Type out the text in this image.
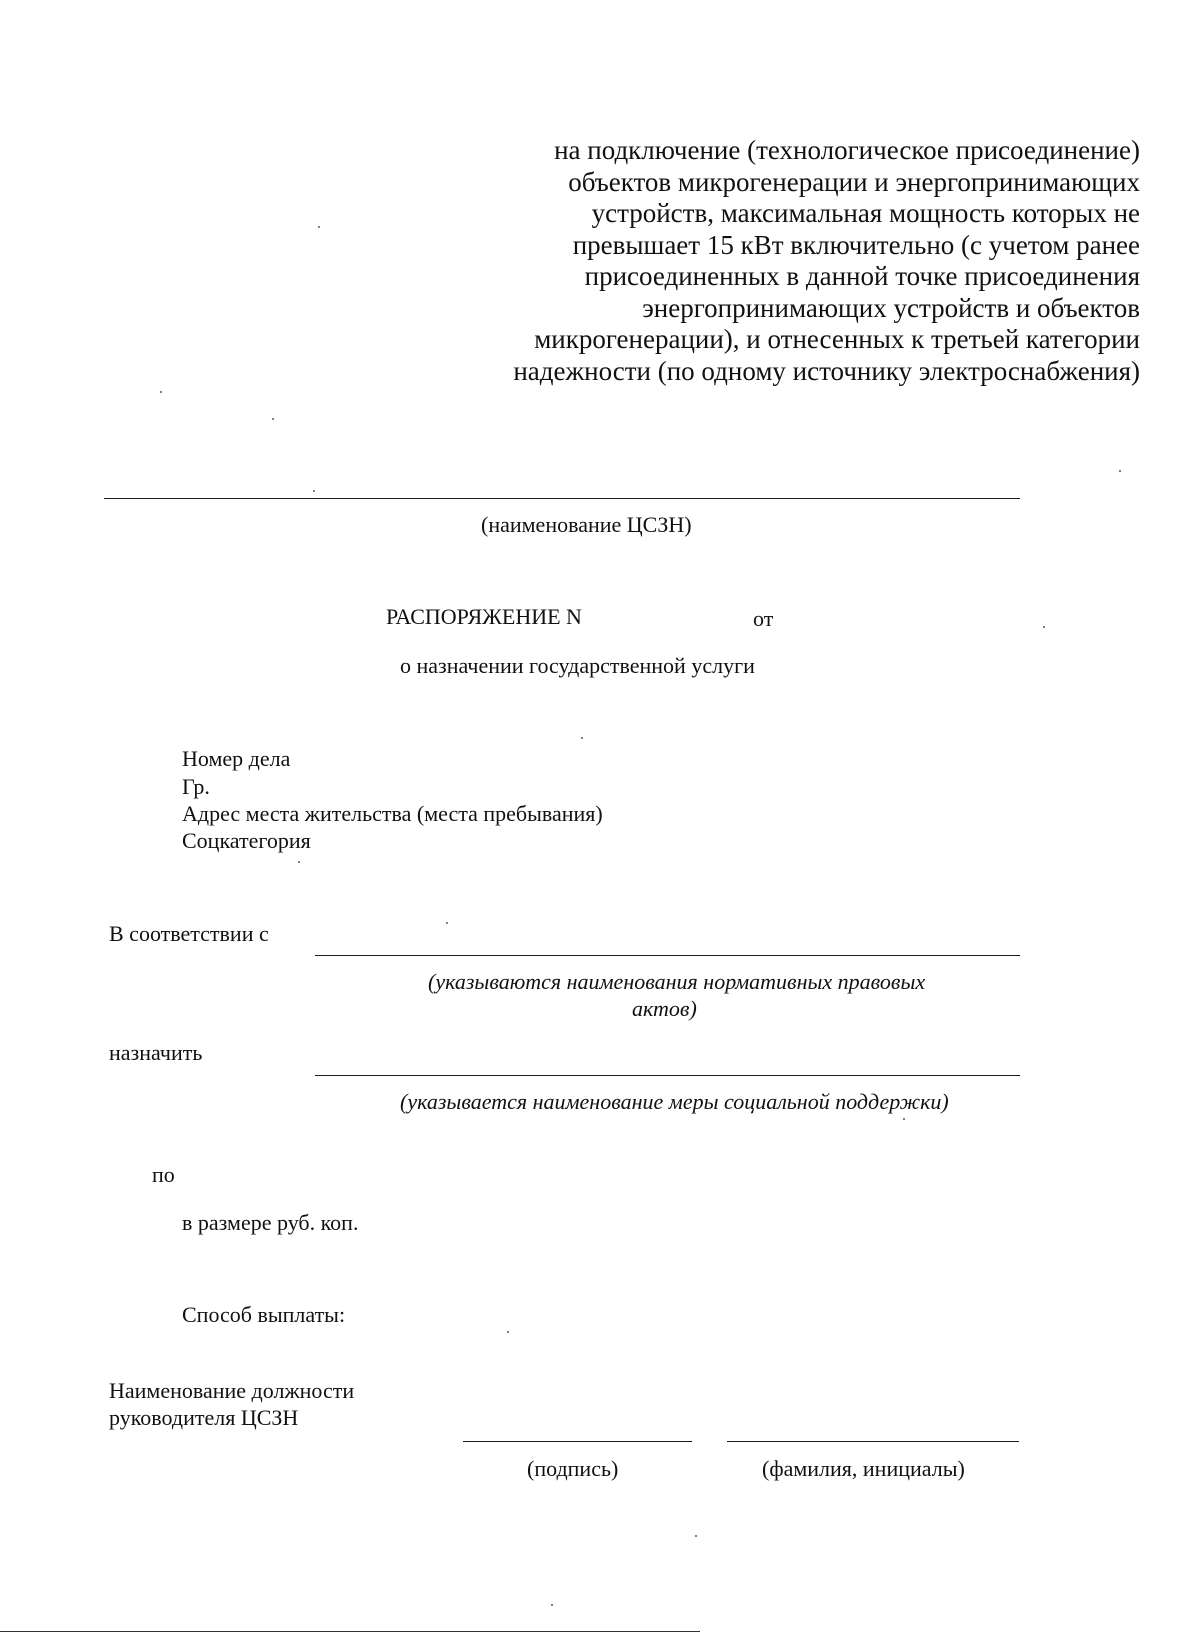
на подключение (технологическое присоединение)
объектов микрогенерации и энергопринимающих
устройств, максимальная мощность которых не
превышает 15 кВт включительно (с учетом ранее
присоединенных в данной точке присоединения
энергопринимающих устройств и объектов
микрогенерации), и отнесенных к третьей категории
надежности (по одному источнику электроснабжения)
(наименование ЦСЗН)
РАСПОРЯЖЕНИЕ N	от
о назначении государственной услуги
Номер дела
Гр.
Адрес места жительства (места пребывания)
Соцкатегория
В соответствии с
(указываются наименования нормативных правовых
актов)
назначить
(указывается наименование меры социальной поддержки)
по
в размере руб. коп.
Способ выплаты:
Наименование должности
руководителя ЦСЗН
(подпись)	(фамилия, инициалы)
